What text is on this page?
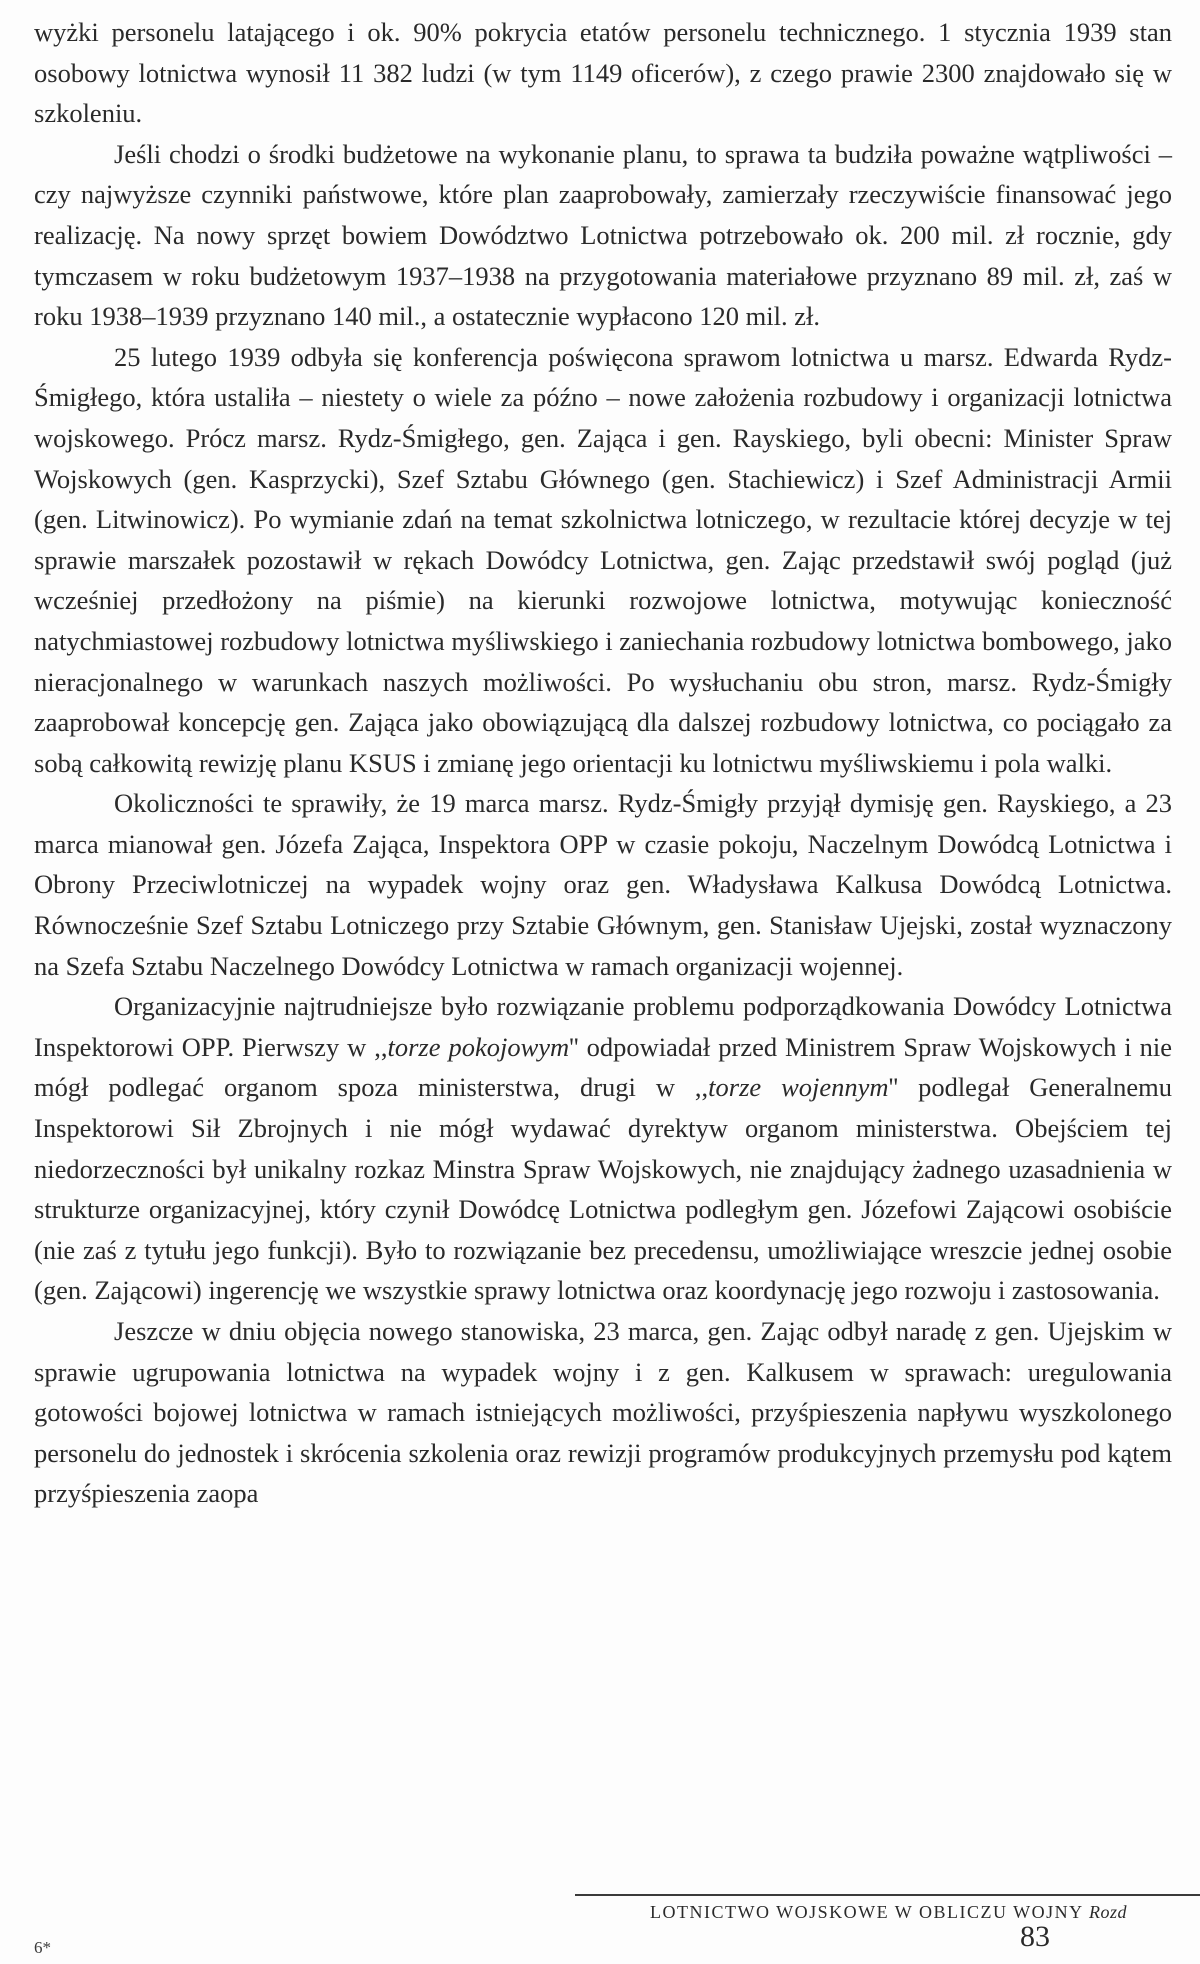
wyżki personelu latającego i ok. 90% pokrycia etatów personelu technicznego. 1 stycznia 1939 stan osobowy lotnictwa wynosił 11 382 ludzi (w tym 1149 oficerów), z czego prawie 2300 znajdowało się w szkoleniu.

Jeśli chodzi o środki budżetowe na wykonanie planu, to sprawa ta budziła poważne wątpliwości – czy najwyższe czynniki państwowe, które plan zaaprobowały, zamierzały rzeczywiście finansować jego realizację. Na nowy sprzęt bowiem Dowództwo Lotnictwa potrzebowało ok. 200 mil. zł rocznie, gdy tymczasem w roku budżetowym 1937–1938 na przygotowania materiałowe przyznano 89 mil. zł, zaś w roku 1938–1939 przyznano 140 mil., a ostatecznie wypłacono 120 mil. zł.

25 lutego 1939 odbyła się konferencja poświęcona sprawom lotnictwa u marsz. Edwarda Rydz-Śmigłego, która ustaliła – niestety o wiele za późno – nowe założenia rozbudowy i organizacji lotnictwa wojskowego. Prócz marsz. Rydz-Śmigłego, gen. Zająca i gen. Rayskiego, byli obecni: Minister Spraw Wojskowych (gen. Kasprzycki), Szef Sztabu Głównego (gen. Stachiewicz) i Szef Administracji Armii (gen. Litwinowicz). Po wymianie zdań na temat szkolnictwa lotniczego, w rezultacie której decyzje w tej sprawie marszałek pozostawił w rękach Dowódcy Lotnictwa, gen. Zając przedstawił swój pogląd (już wcześniej przedłożony na piśmie) na kierunki rozwojowe lotnictwa, motywując konieczność natychmiastowej rozbudowy lotnictwa myśliwskiego i zaniechania rozbudowy lotnictwa bombowego, jako nieracjonalnego w warunkach naszych możliwości. Po wysłuchaniu obu stron, marsz. Rydz-Śmigły zaaprobował koncepcję gen. Zająca jako obowiązującą dla dalszej rozbudowy lotnictwa, co pociągało za sobą całkowitą rewizję planu KSUS i zmianę jego orientacji ku lotnictwu myśliwskiemu i pola walki.

Okoliczności te sprawiły, że 19 marca marsz. Rydz-Śmigły przyjął dymisję gen. Rayskiego, a 23 marca mianował gen. Józefa Zająca, Inspektora OPP w czasie pokoju, Naczelnym Dowódcą Lotnictwa i Obrony Przeciwlotniczej na wypadek wojny oraz gen. Władysława Kalkusa Dowódcą Lotnictwa. Równocześnie Szef Sztabu Lotniczego przy Sztabie Głównym, gen. Stanisław Ujejski, został wyznaczony na Szefa Sztabu Naczelnego Dowódcy Lotnictwa w ramach organizacji wojennej.

Organizacyjnie najtrudniejsze było rozwiązanie problemu podporządkowania Dowódcy Lotnictwa Inspektorowi OPP. Pierwszy w ,,torze pokojowym'' odpowiadał przed Ministrem Spraw Wojskowych i nie mógł podlegać organom spoza ministerstwa, drugi w ,,torze wojennym'' podlegał Generalnemu Inspektorowi Sił Zbrojnych i nie mógł wydawać dyrektyw organom ministerstwa. Obejściem tej niedorzeczności był unikalny rozkaz Minstra Spraw Wojskowych, nie znajdujący żadnego uzasadnienia w strukturze organizacyjnej, który czynił Dowódcę Lotnictwa podległym gen. Józefowi Zającowi osobiście (nie zaś z tytułu jego funkcji). Było to rozwiązanie bez precedensu, umożliwiające wreszcie jednej osobie (gen. Zającowi) ingerencję we wszystkie sprawy lotnictwa oraz koordynację jego rozwoju i zastosowania.

Jeszcze w dniu objęcia nowego stanowiska, 23 marca, gen. Zając odbył naradę z gen. Ujejskim w sprawie ugrupowania lotnictwa na wypadek wojny i z gen. Kalkusem w sprawach: uregulowania gotowości bojowej lotnictwa w ramach istniejących możliwości, przyśpieszenia napływu wyszkolonego personelu do jednostek i skrócenia szkolenia oraz rewizji programów produkcyjnych przemysłu pod kątem przyśpieszenia zaopa

LOTNICTWO WOJSKOWE W OBLICZU WOJNY Rozd
6*	83
